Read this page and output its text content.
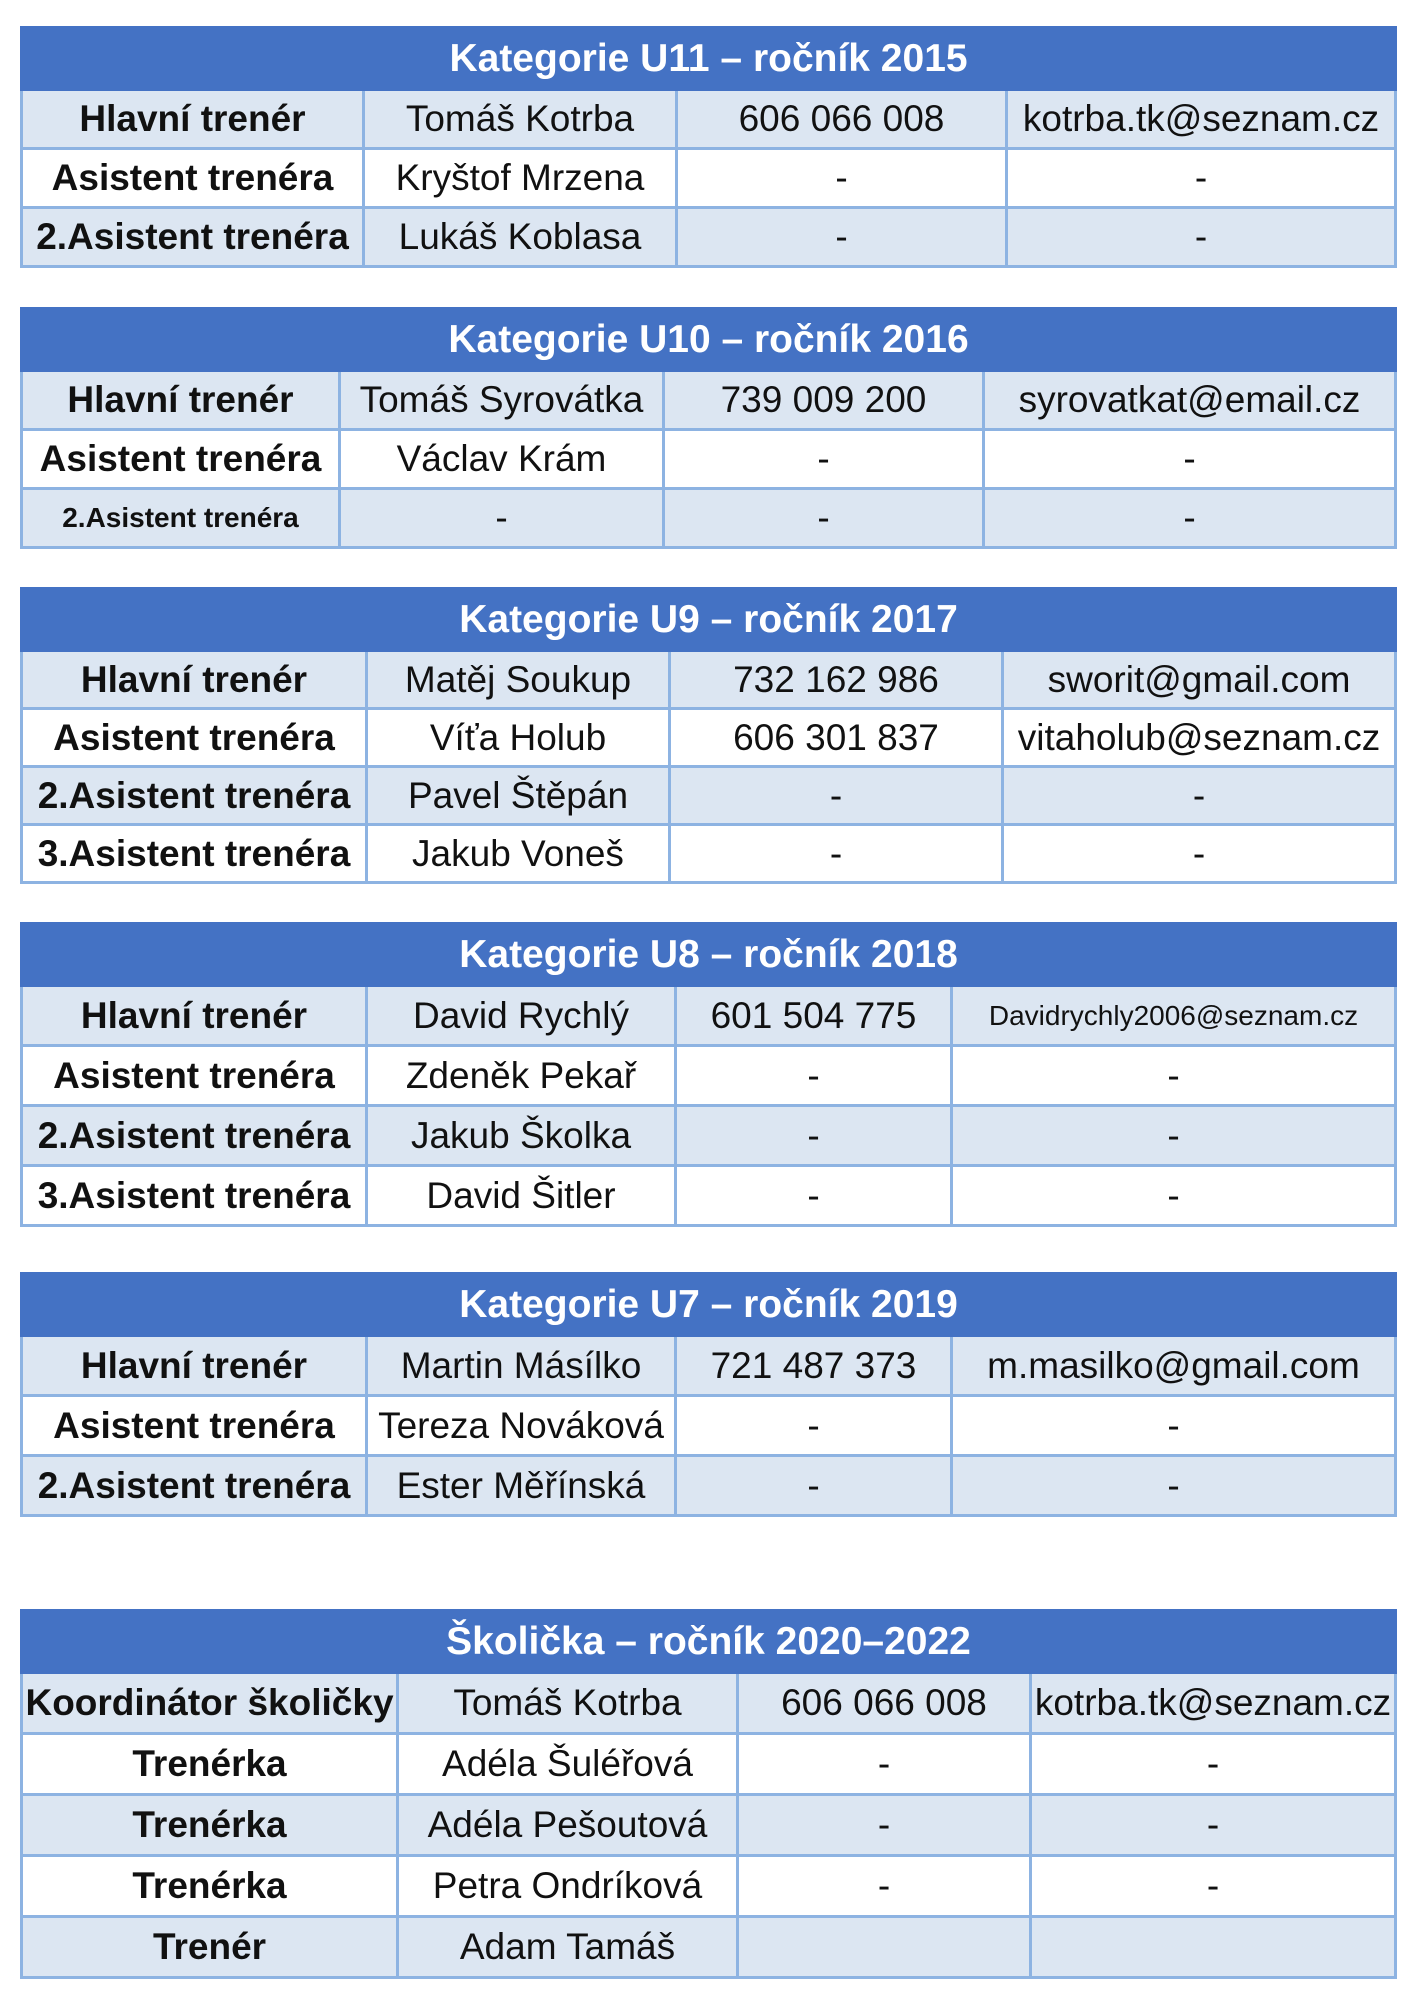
Kategorie U11 – ročník 2015			
Hlavní trenér	Tomáš Kotrba	606 066 008	kotrba.tk@seznam.cz
Asistent trenéra	Kryštof Mrzena	-	-
2.Asistent trenéra	Lukáš Koblasa	-	-
Kategorie U10 – ročník 2016			
Hlavní trenér	Tomáš Syrovátka	739 009 200	syrovatkat@email.cz
Asistent trenéra	Václav Krám	-	-
2.Asistent trenéra	-	-	-
Kategorie U9 – ročník 2017			
Hlavní trenér	Matěj Soukup	732 162 986	sworit@gmail.com
Asistent trenéra	Víťa Holub	606 301 837	vitaholub@seznam.cz
2.Asistent trenéra	Pavel Štěpán	-	-
3.Asistent trenéra	Jakub Voneš	-	-
Kategorie U8 – ročník 2018			
Hlavní trenér	David Rychlý	601 504 775	Davidrychly2006@seznam.cz
Asistent trenéra	Zdeněk Pekař	-	-
2.Asistent trenéra	Jakub Školka	-	-
3.Asistent trenéra	David Šitler	-	-
Kategorie U7 – ročník 2019			
Hlavní trenér	Martin Másílko	721 487 373	m.masilko@gmail.com
Asistent trenéra	Tereza Nováková	-	-
2.Asistent trenéra	Ester Měřínská	-	-
Školička – ročník 2020–2022			
Koordinátor školičky	Tomáš Kotrba	606 066 008	kotrba.tk@seznam.cz
Trenérka	Adéla Šuléřová	-	-
Trenérka	Adéla Pešoutová	-	-
Trenérka	Petra Ondríková	-	-
Trenér	Adam Tamáš		
